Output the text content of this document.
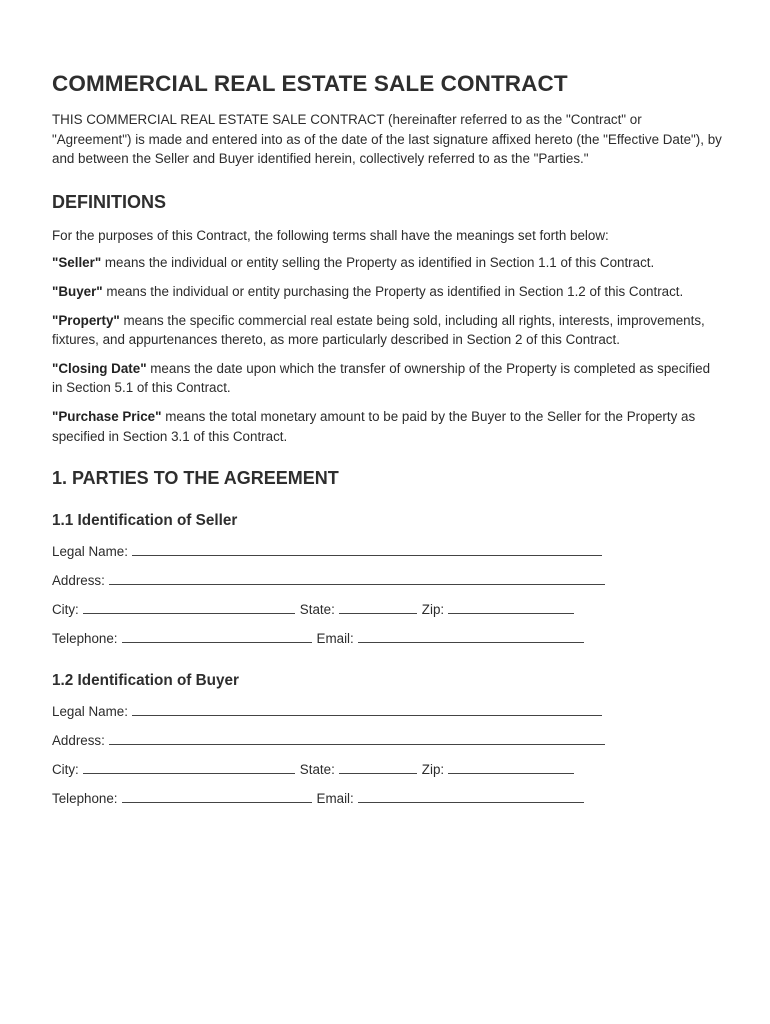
COMMERCIAL REAL ESTATE SALE CONTRACT

THIS COMMERCIAL REAL ESTATE SALE CONTRACT (hereinafter referred to as the "Contract" or "Agreement") is made and entered into as of the date of the last signature affixed hereto (the "Effective Date"), by and between the Seller and Buyer identified herein, collectively referred to as the "Parties."

DEFINITIONS

For the purposes of this Contract, the following terms shall have the meanings set forth below:

"Seller" means the individual or entity selling the Property as identified in Section 1.1 of this Contract.

"Buyer" means the individual or entity purchasing the Property as identified in Section 1.2 of this Contract.

"Property" means the specific commercial real estate being sold, including all rights, interests, improvements, fixtures, and appurtenances thereto, as more particularly described in Section 2 of this Contract.

"Closing Date" means the date upon which the transfer of ownership of the Property is completed as specified in Section 5.1 of this Contract.

"Purchase Price" means the total monetary amount to be paid by the Buyer to the Seller for the Property as specified in Section 3.1 of this Contract.

1. PARTIES TO THE AGREEMENT
1.1 Identification of Seller
Legal Name:
Address:
City:	State:	Zip:
Telephone:	Email:
1.2 Identification of Buyer
Legal Name:
Address:
City:	State:	Zip:
Telephone:	Email:
